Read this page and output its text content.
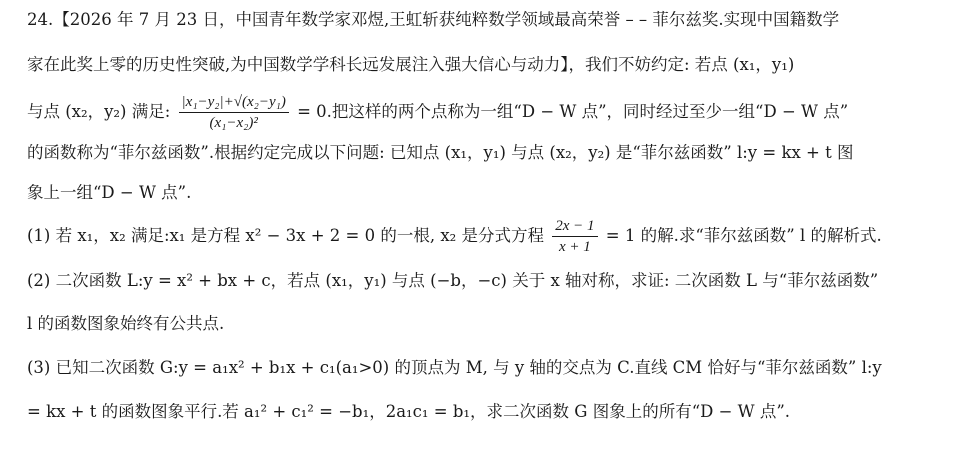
24.【2026 年 7 月 23 日，中国青年数学家邓煜,王虹斩获纯粹数学领域最高荣誉 – – 菲尔兹奖.实现中国籍数学
家在此奖上零的历史性突破,为中国数学学科长远发展注入强大信心与动力】，我们不妨约定: 若点 (x₁，y₁)
与点 (x₂，y₂) 满足: $\frac{\text{|x₁−y₂|+√(x₂−y₁)}}{\text{(x₁−x₂)²}} = 0$.把这样的两个点称为一组“D − W 点”，同时经过至少一组“D − W 点”
的函数称为“菲尔兹函数”.根据约定完成以下问题: 已知点 (x₁，y₁) 与点 (x₂，y₂) 是“菲尔兹函数” l:y = kx + t 图
象上一组“D − W 点”.
(1) 若 x₁，x₂ 满足:x₁ 是方程 x² − 3x + 2 = 0 的一根, x₂ 是分式方程 $\frac{2x - 1}{x + 1} = 1$ 的解.求“菲尔兹函数” l 的解析式.
(2) 二次函数 L:y = x² + bx + c，若点 (x₁，y₁) 与点 (−b，−c) 关于 x 轴对称，求证: 二次函数 L 与“菲尔兹函数”
l 的函数图象始终有公共点.
(3) 已知二次函数 G:y = a₁x² + b₁x + c₁(a₁>0) 的顶点为 M, 与 y 轴的交点为 C.直线 CM 恰好与“菲尔兹函数” l:y
= kx + t 的函数图象平行.若 a₁² + c₁² = −b₁，2a₁c₁ = b₁，求二次函数 G 图象上的所有“D − W 点”.
